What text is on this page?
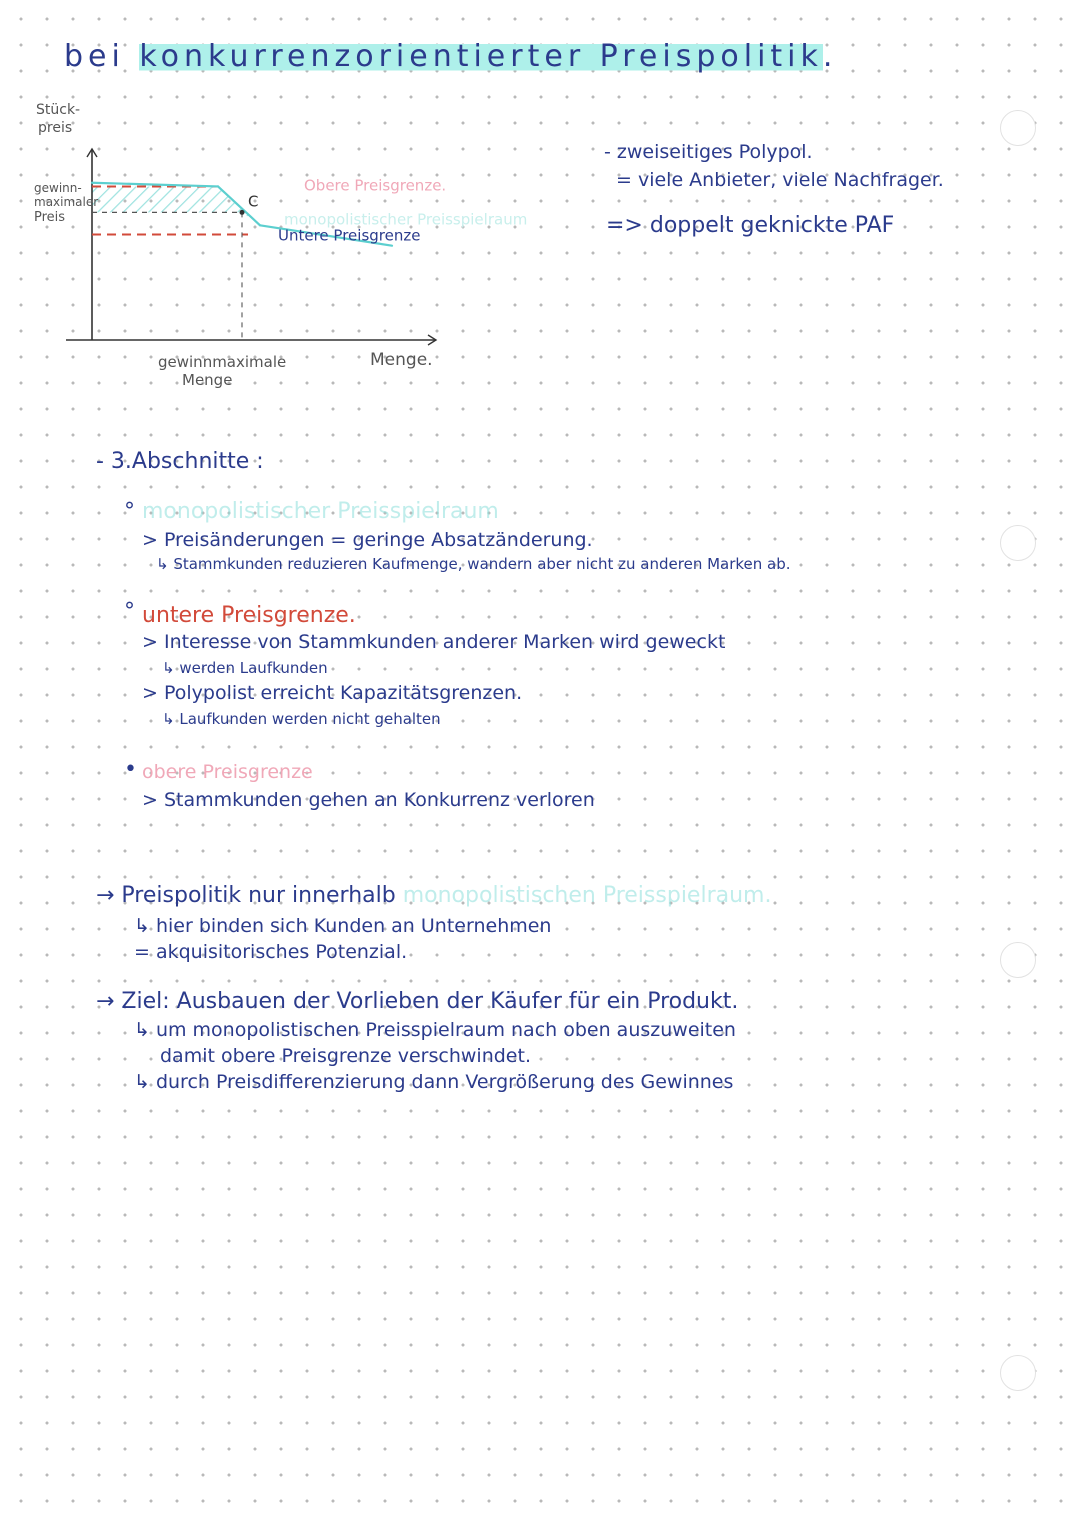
bei konkurrenzorientierter Preispolitik.
Obere Preisgrenze.
C
monopolistischer Preisspielraum
Untere Preisgrenze
Stück-
preis
gewinn-
maximaler
Preis
Menge.
gewinnmaximale
Menge
- zweiseitiges Polypol.
= viele Anbieter, viele Nachfrager.
=> doppelt geknickte PAF
- 3.Abschnitte :
° monopolistischer Preisspielraum
> Preisänderungen = geringe Absatzänderung.
↳ Stammkunden reduzieren Kaufmenge, wandern aber nicht zu anderen Marken ab.
° untere Preisgrenze.
> Interesse von Stammkunden anderer Marken wird geweckt
↳ werden Laufkunden
> Polypolist erreicht Kapazitätsgrenzen.
↳ Laufkunden werden nicht gehalten
• obere Preisgrenze
> Stammkunden gehen an Konkurrenz verloren
→ Preispolitik nur innerhalb monopolistischen Preisspielraum.
↳ hier binden sich Kunden an Unternehmen
= akquisitorisches Potenzial.
→ Ziel: Ausbauen der Vorlieben der Käufer für ein Produkt.
↳ um monopolistischen Preisspielraum nach oben auszuweiten
damit obere Preisgrenze verschwindet.
↳ durch Preisdifferenzierung dann Vergrößerung des Gewinnes
